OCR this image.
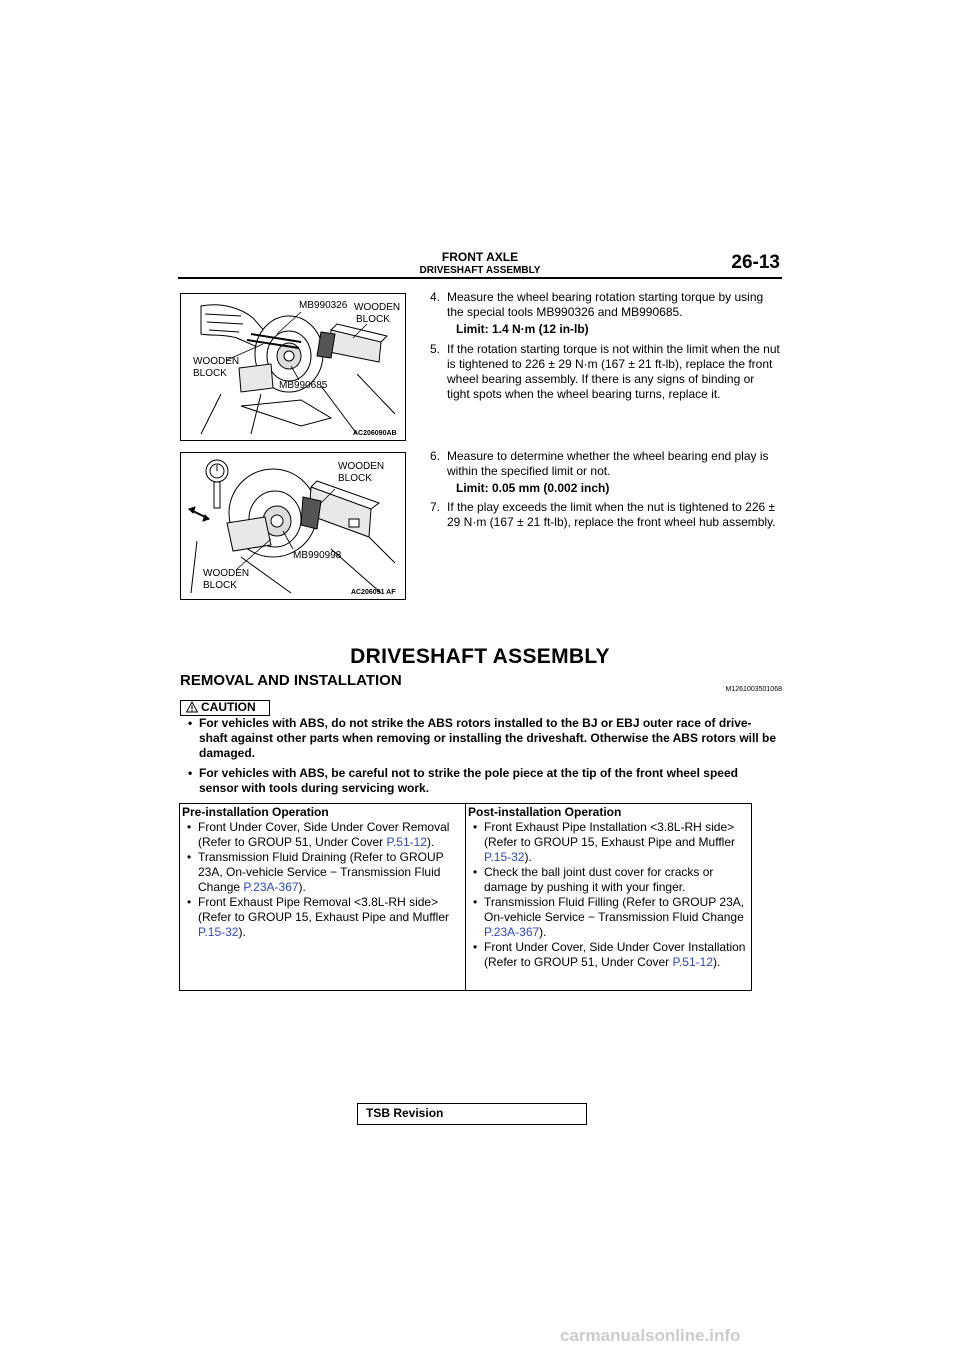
FRONT AXLE
DRIVESHAFT ASSEMBLY	26-13
MB990326 WOODEN
BLOCK
WOODEN
BLOCK
MB990685
AC206090AB
WOODEN
BLOCK
MB990998
WOODEN
BLOCK
AC206091 AF
4. Measure the wheel bearing rotation starting torque by using the special tools MB990326 and MB990685.
Limit: 1.4 N·m (12 in-lb)
5. If the rotation starting torque is not within the limit when the nut is tightened to 226 ± 29 N·m (167 ± 21 ft-lb), replace the front wheel bearing assembly. If there is any signs of binding or tight spots when the wheel bearing turns, replace it.
6. Measure to determine whether the wheel bearing end play is within the specified limit or not.
Limit: 0.05 mm (0.002 inch)
7. If the play exceeds the limit when the nut is tightened to 226 ± 29 N·m (167 ± 21 ft-lb), replace the front wheel hub assembly.
DRIVESHAFT ASSEMBLY
REMOVAL AND INSTALLATION
M1261003501068
CAUTION
• For vehicles with ABS, do not strike the ABS rotors installed to the BJ or EBJ outer race of drive-shaft against other parts when removing or installing the driveshaft. Otherwise the ABS rotors will be damaged.
• For vehicles with ABS, be careful not to strike the pole piece at the tip of the front wheel speed sensor with tools during servicing work.
Pre-installation Operation
• Front Under Cover, Side Under Cover Removal (Refer to GROUP 51, Under Cover P.51-12).
• Transmission Fluid Draining (Refer to GROUP 23A, On-vehicle Service − Transmission Fluid Change P.23A-367).
• Front Exhaust Pipe Removal <3.8L-RH side> (Refer to GROUP 15, Exhaust Pipe and Muffler P.15-32).
Post-installation Operation
• Front Exhaust Pipe Installation <3.8L-RH side> (Refer to GROUP 15, Exhaust Pipe and Muffler P.15-32).
• Check the ball joint dust cover for cracks or damage by pushing it with your finger.
• Transmission Fluid Filling (Refer to GROUP 23A, On-vehicle Service − Transmission Fluid Change P.23A-367).
• Front Under Cover, Side Under Cover Installation (Refer to GROUP 51, Under Cover P.51-12).
TSB Revision
carmanualsonline.info
